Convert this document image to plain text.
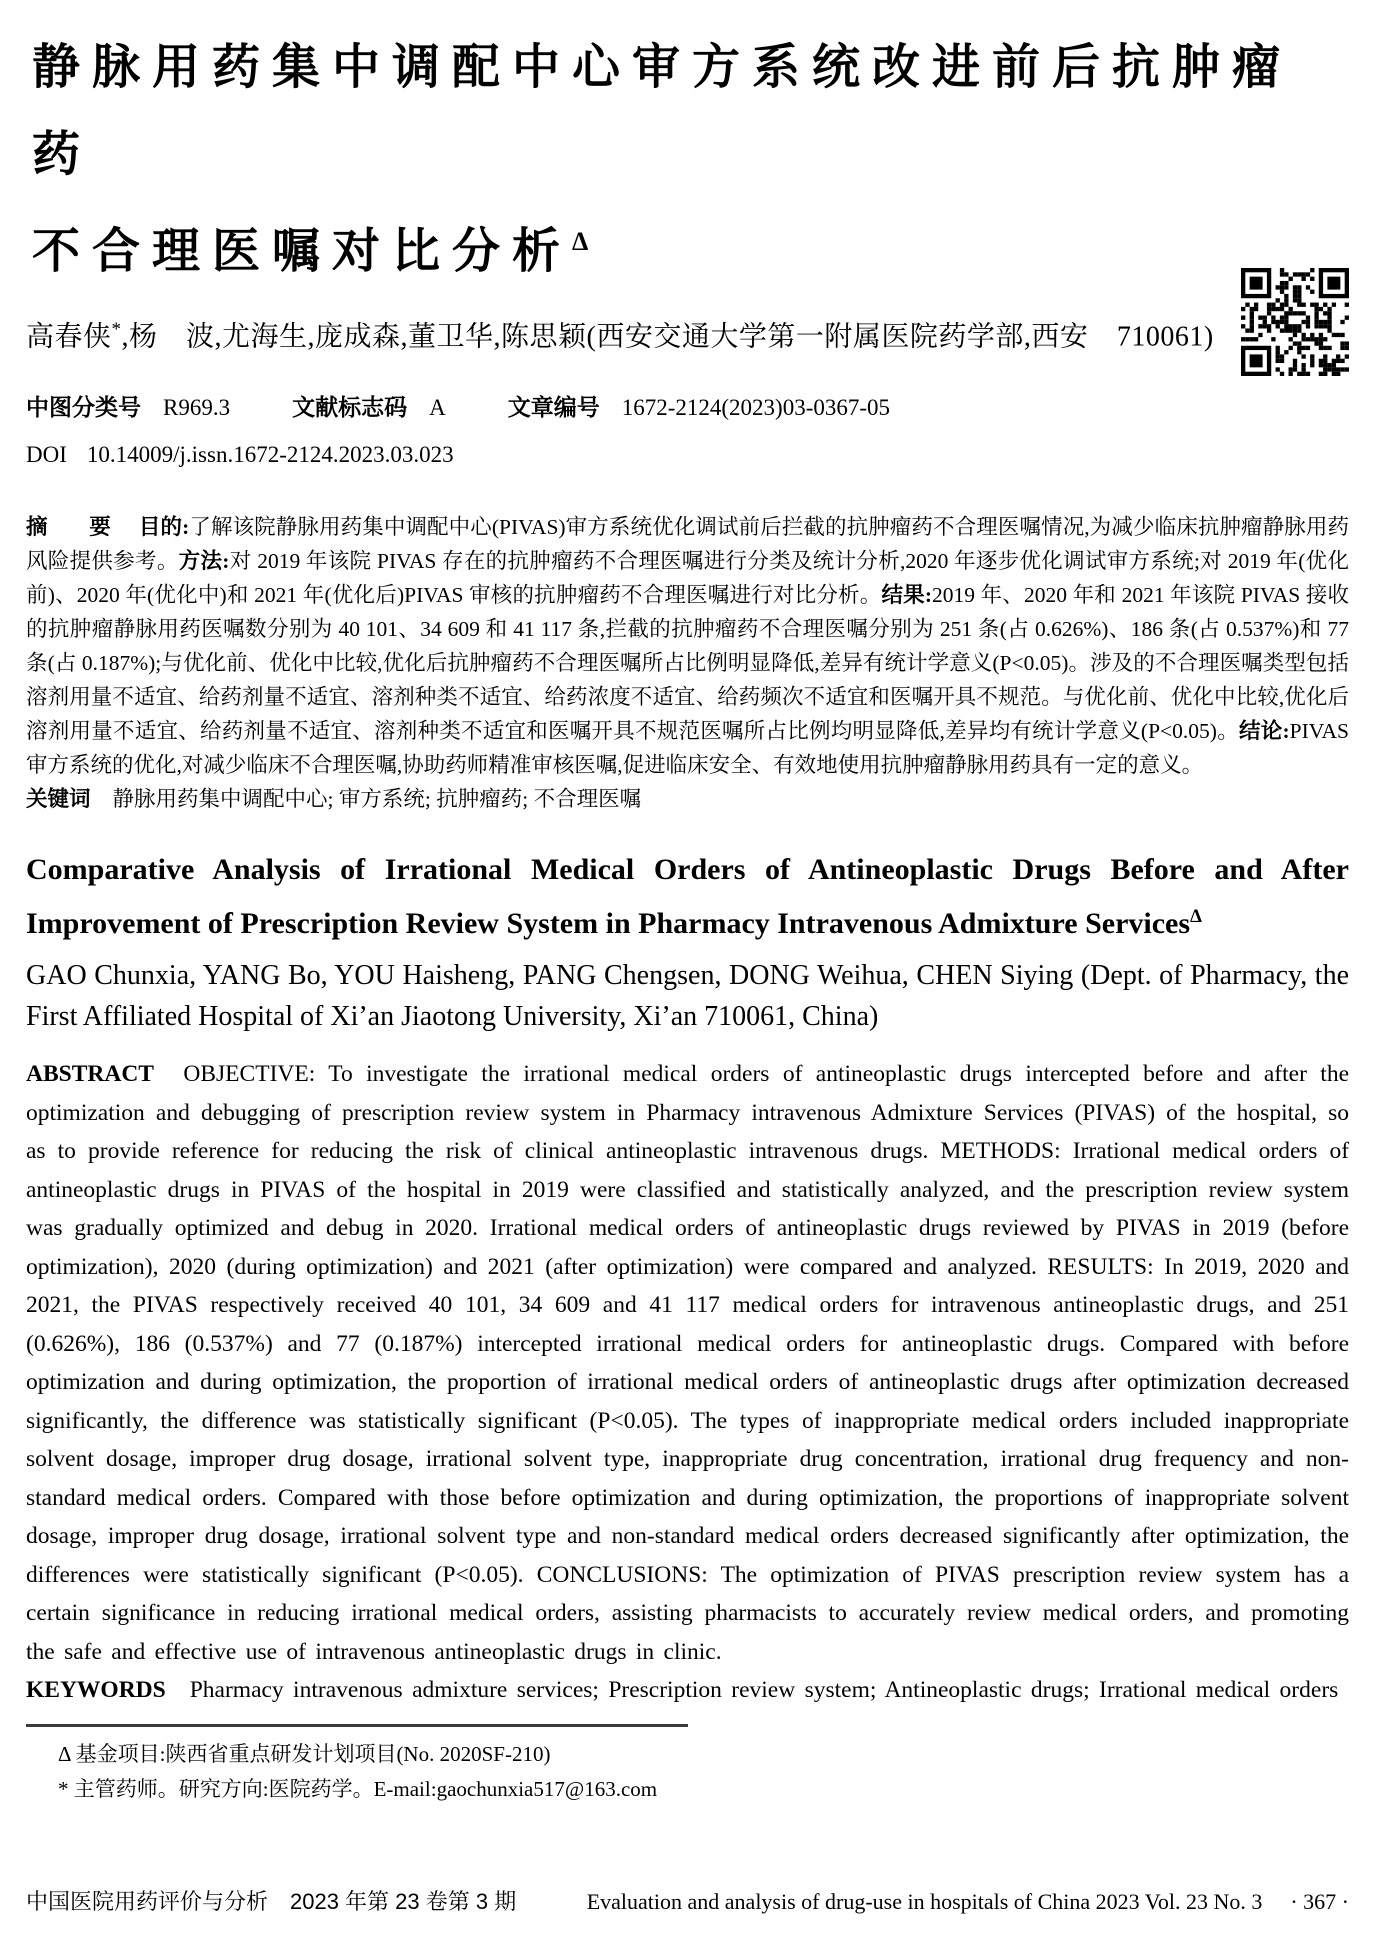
静脉用药集中调配中心审方系统改进前后抗肿瘤药
不合理医嘱对比分析$^\Delta$
高春侠*,杨　波,尤海生,庞成森,董卫华,陈思颖(西安交通大学第一附属医院药学部,西安　710061)
中图分类号 R969.3	文献标志码 A	文章编号 1672-2124(2023)03-0367-05
DOI 10.14009/j.issn.1672-2124.2023.03.023

摘　要 目的:了解该院静脉用药集中调配中心(PIVAS)审方系统优化调试前后拦截的抗肿瘤药不合理医嘱情况,为减少临床抗肿瘤静脉用药风险提供参考。方法:对 2019 年该院 PIVAS 存在的抗肿瘤药不合理医嘱进行分类及统计分析,2020 年逐步优化调试审方系统;对 2019 年(优化前)、2020 年(优化中)和 2021 年(优化后)PIVAS 审核的抗肿瘤药不合理医嘱进行对比分析。结果:2019 年、2020 年和 2021 年该院 PIVAS 接收的抗肿瘤静脉用药医嘱数分别为 40 101、34 609 和 41 117 条,拦截的抗肿瘤药不合理医嘱分别为 251 条(占 0.626%)、186 条(占 0.537%)和 77 条(占 0.187%);与优化前、优化中比较,优化后抗肿瘤药不合理医嘱所占比例明显降低,差异有统计学意义(P<0.05)。涉及的不合理医嘱类型包括溶剂用量不适宜、给药剂量不适宜、溶剂种类不适宜、给药浓度不适宜、给药频次不适宜和医嘱开具不规范。与优化前、优化中比较,优化后溶剂用量不适宜、给药剂量不适宜、溶剂种类不适宜和医嘱开具不规范医嘱所占比例均明显降低,差异均有统计学意义(P<0.05)。结论:PIVAS 审方系统的优化,对减少临床不合理医嘱,协助药师精准审核医嘱,促进临床安全、有效地使用抗肿瘤静脉用药具有一定的意义。

关键词 静脉用药集中调配中心; 审方系统; 抗肿瘤药; 不合理医嘱

Comparative Analysis of Irrational Medical Orders of Antineoplastic Drugs Before and After Improvement of Prescription Review System in Pharmacy Intravenous Admixture Services$^\Delta$
GAO Chunxia, YANG Bo, YOU Haisheng, PANG Chengsen, DONG Weihua, CHEN Siying (Dept. of Pharmacy, the First Affiliated Hospital of Xi’an Jiaotong University, Xi’an 710061, China)

ABSTRACT OBJECTIVE: To investigate the irrational medical orders of antineoplastic drugs intercepted before and after the optimization and debugging of prescription review system in Pharmacy intravenous Admixture Services (PIVAS) of the hospital, so as to provide reference for reducing the risk of clinical antineoplastic intravenous drugs. METHODS: Irrational medical orders of antineoplastic drugs in PIVAS of the hospital in 2019 were classified and statistically analyzed, and the prescription review system was gradually optimized and debug in 2020. Irrational medical orders of antineoplastic drugs reviewed by PIVAS in 2019 (before optimization), 2020 (during optimization) and 2021 (after optimization) were compared and analyzed. RESULTS: In 2019, 2020 and 2021, the PIVAS respectively received 40 101, 34 609 and 41 117 medical orders for intravenous antineoplastic drugs, and 251 (0.626%), 186 (0.537%) and 77 (0.187%) intercepted irrational medical orders for antineoplastic drugs. Compared with before optimization and during optimization, the proportion of irrational medical orders of antineoplastic drugs after optimization decreased significantly, the difference was statistically significant (P<0.05). The types of inappropriate medical orders included inappropriate solvent dosage, improper drug dosage, irrational solvent type, inappropriate drug concentration, irrational drug frequency and non-standard medical orders. Compared with those before optimization and during optimization, the proportions of inappropriate solvent dosage, improper drug dosage, irrational solvent type and non-standard medical orders decreased significantly after optimization, the differences were statistically significant (P<0.05). CONCLUSIONS: The optimization of PIVAS prescription review system has a certain significance in reducing irrational medical orders, assisting pharmacists to accurately review medical orders, and promoting the safe and effective use of intravenous antineoplastic drugs in clinic.

KEYWORDS Pharmacy intravenous admixture services; Prescription review system; Antineoplastic drugs; Irrational medical orders

Δ 基金项目:陕西省重点研发计划项目(No. 2020SF-210)
* 主管药师。研究方向:医院药学。E-mail:gaochunxia517@163.com
中国医院用药评价与分析　2023 年第 23 卷第 3 期	Evaluation and analysis of drug-use in hospitals of China 2023 Vol. 23 No. 3 · 367 ·
